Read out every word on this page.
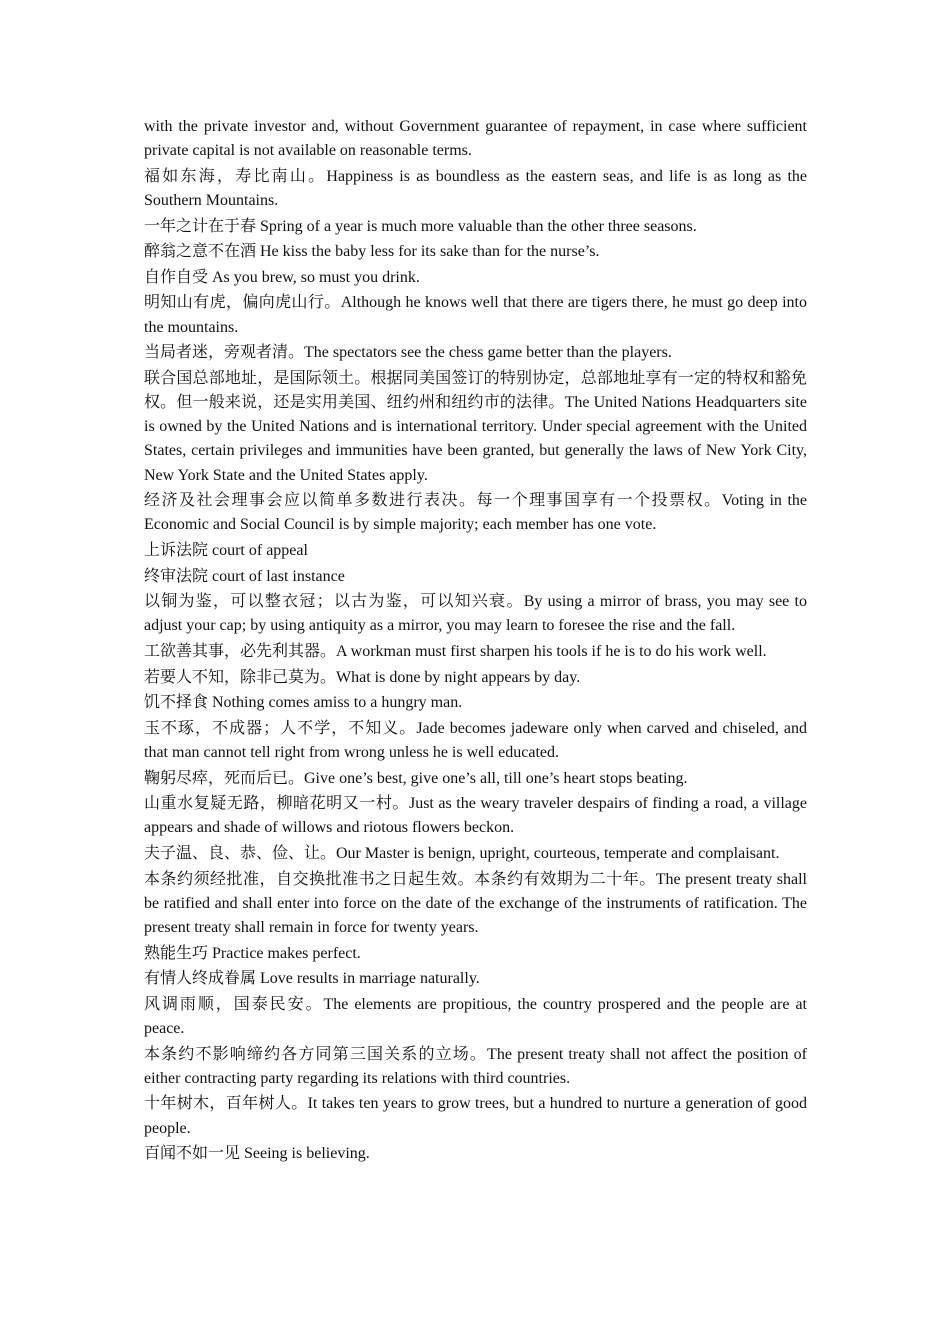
with the private investor and, without Government guarantee of repayment, in case where sufficient private capital is not available on reasonable terms.

福如东海，寿比南山。Happiness is as boundless as the eastern seas, and life is as long as the Southern Mountains.

一年之计在于春 Spring of a year is much more valuable than the other three seasons.

醉翁之意不在酒 He kiss the baby less for its sake than for the nurse’s.

自作自受 As you brew, so must you drink.

明知山有虎，偏向虎山行。Although he knows well that there are tigers there, he must go deep into the mountains.

当局者迷，旁观者清。The spectators see the chess game better than the players.

联合国总部地址，是国际领土。根据同美国签订的特别协定，总部地址享有一定的特权和豁免权。但一般来说，还是实用美国、纽约州和纽约市的法律。The United Nations Headquarters site is owned by the United Nations and is international territory. Under special agreement with the United States, certain privileges and immunities have been granted, but generally the laws of New York City, New York State and the United States apply.

经济及社会理事会应以简单多数进行表决。每一个理事国享有一个投票权。Voting in the Economic and Social Council is by simple majority; each member has one vote.

上诉法院 court of appeal

终审法院 court of last instance

以铜为鉴，可以整衣冠；以古为鉴，可以知兴衰。By using a mirror of brass, you may see to adjust your cap; by using antiquity as a mirror, you may learn to foresee the rise and the fall.

工欲善其事，必先利其器。A workman must first sharpen his tools if he is to do his work well.

若要人不知，除非己莫为。What is done by night appears by day.

饥不择食 Nothing comes amiss to a hungry man.

玉不琢，不成器；人不学，不知义。Jade becomes jadeware only when carved and chiseled, and that man cannot tell right from wrong unless he is well educated.

鞠躬尽瘁，死而后已。Give one’s best, give one’s all, till one’s heart stops beating.

山重水复疑无路，柳暗花明又一村。Just as the weary traveler despairs of finding a road, a village appears and shade of willows and riotous flowers beckon.

夫子温、良、恭、俭、让。Our Master is benign, upright, courteous, temperate and complaisant.

本条约须经批准，自交换批准书之日起生效。本条约有效期为二十年。The present treaty shall be ratified and shall enter into force on the date of the exchange of the instruments of ratification. The present treaty shall remain in force for twenty years.

熟能生巧 Practice makes perfect.

有情人终成眷属 Love results in marriage naturally.

风调雨顺，国泰民安。The elements are propitious, the country prospered and the people are at peace.

本条约不影响缔约各方同第三国关系的立场。The present treaty shall not affect the position of either contracting party regarding its relations with third countries.

十年树木，百年树人。It takes ten years to grow trees, but a hundred to nurture a generation of good people.

百闻不如一见 Seeing is believing.
